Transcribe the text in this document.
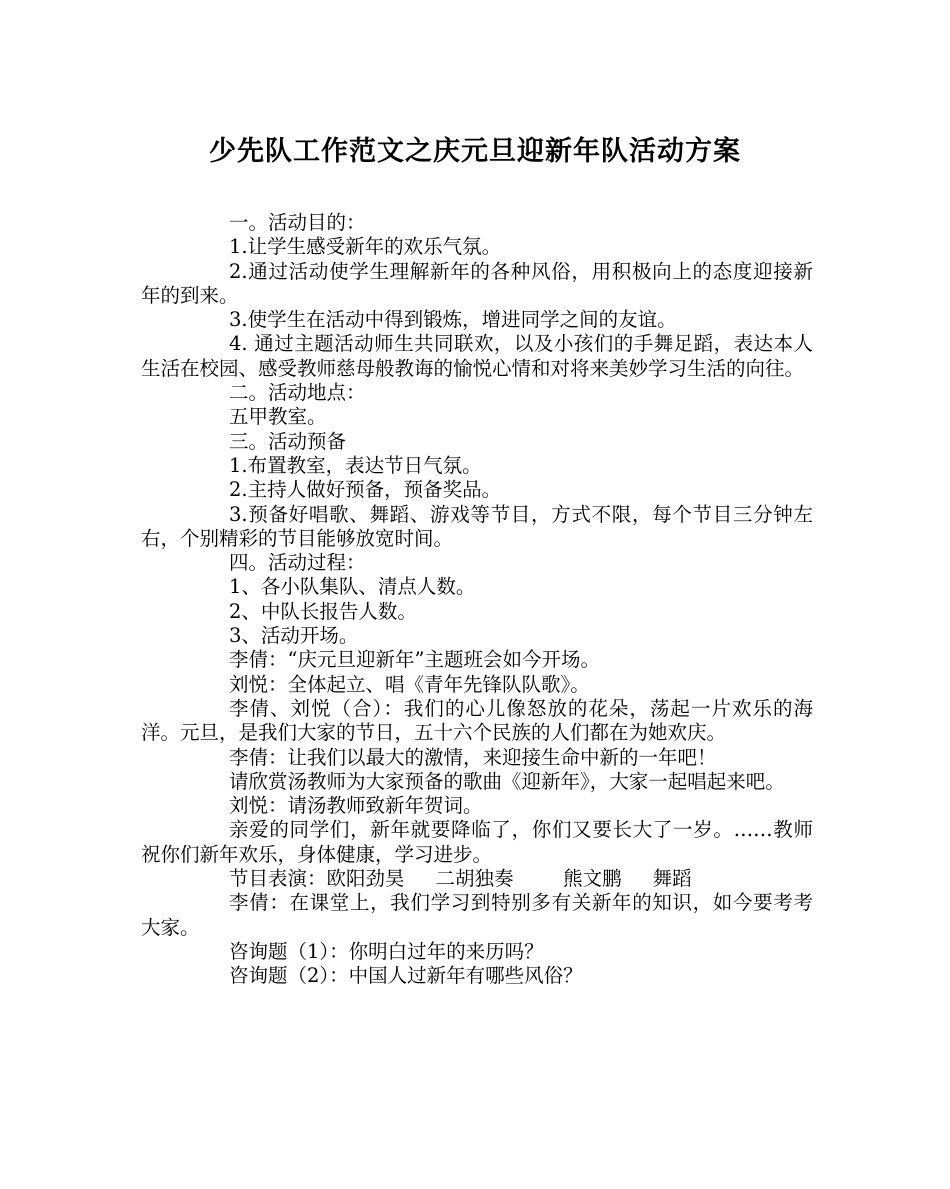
少先队工作范文之庆元旦迎新年队活动方案

一。活动目的：

1.让学生感受新年的欢乐气氛。

2.通过活动使学生理解新年的各种风俗，用积极向上的态度迎接新年的到来。

3.使学生在活动中得到锻炼，增进同学之间的友谊。

4. 通过主题活动师生共同联欢，以及小孩们的手舞足蹈，表达本人生活在校园、感受教师慈母般教诲的愉悦心情和对将来美妙学习生活的向往。

二。活动地点：

五甲教室。

三。活动预备

1.布置教室，表达节日气氛。

2.主持人做好预备，预备奖品。

3.预备好唱歌、舞蹈、游戏等节目，方式不限，每个节目三分钟左右，个别精彩的节目能够放宽时间。

四。活动过程：

1、各小队集队、清点人数。

2、中队长报告人数。

3、活动开场。

李倩：“庆元旦迎新年”主题班会如今开场。

刘悦：全体起立、唱《青年先锋队队歌》。

李倩、刘悦（合）：我们的心儿像怒放的花朵，荡起一片欢乐的海洋。元旦，是我们大家的节日，五十六个民族的人们都在为她欢庆。

李倩：让我们以最大的激情，来迎接生命中新的一年吧！

请欣赏汤教师为大家预备的歌曲《迎新年》，大家一起唱起来吧。

刘悦：请汤教师致新年贺词。

亲爱的同学们，新年就要降临了，你们又要长大了一岁。……教师祝你们新年欢乐，身体健康，学习进步。

节目表演：欧阳劲昊     二胡独奏        熊文鹏     舞蹈

李倩：在课堂上，我们学习到特别多有关新年的知识，如今要考考大家。

咨询题（1）：你明白过年的来历吗？

咨询题（2）：中国人过新年有哪些风俗？
